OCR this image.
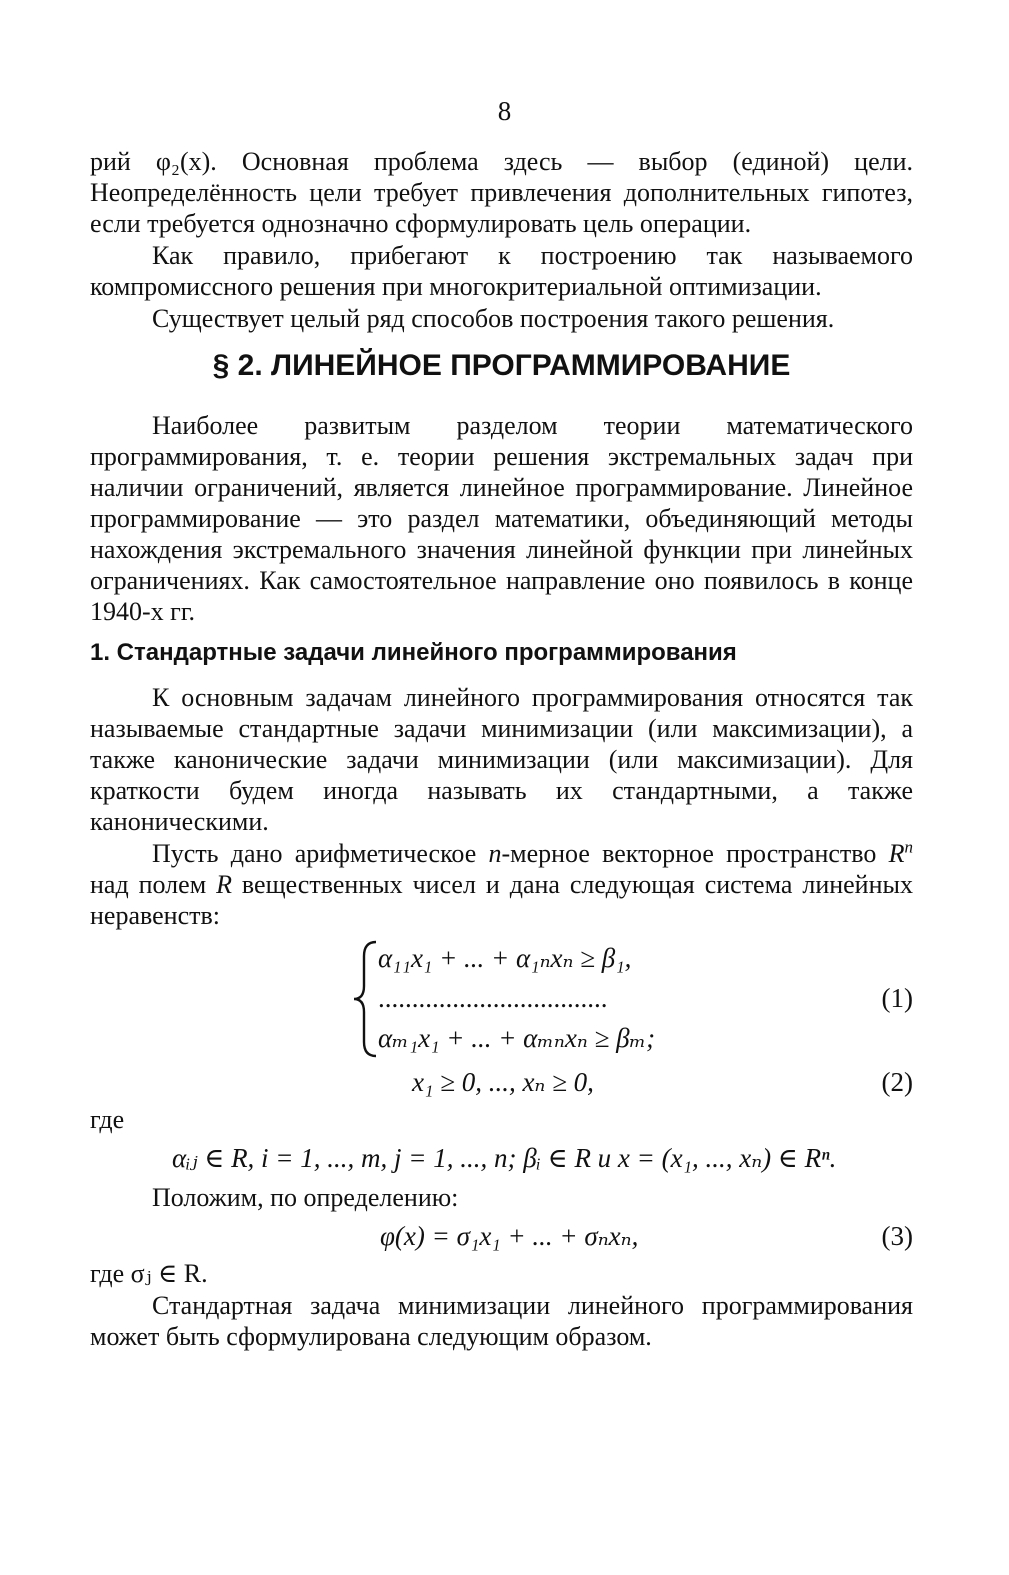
8
рий φ₂(x). Основная проблема здесь — выбор (единой) цели. Неопределённость цели требует привлечения дополнительных гипотез, если требуется однозначно сформулировать цель операции.
Как правило, прибегают к построению так называемого компромиссного решения при многокритериальной оптимизации.
Существует целый ряд способов построения такого решения.
§ 2. ЛИНЕЙНОЕ ПРОГРАММИРОВАНИЕ
Наиболее развитым разделом теории математического программирования, т. е. теории решения экстремальных задач при наличии ограничений, является линейное программирование. Линейное программирование — это раздел математики, объединяющий методы нахождения экстремального значения линейной функции при линейных ограничениях. Как самостоятельное направление оно появилось в конце 1940-х гг.
1. Стандартные задачи линейного программирования
К основным задачам линейного программирования относятся так называемые стандартные задачи минимизации (или максимизации), а также канонические задачи минимизации (или максимизации). Для краткости будем иногда называть их стандартными, а также каноническими.
Пусть дано арифметическое n-мерное векторное пространство $R^n$ над полем R вещественных чисел и дана следующая система линейных неравенств:
α₁₁x₁ + ... + α₁ₙxₙ ≥ β₁,
..................................
αₘ₁x₁ + ... + αₘₙxₙ ≥ βₘ;
(1)
x₁ ≥ 0, ..., xₙ ≥ 0,	(2)
где
αᵢⱼ ∈ R, i = 1, ..., m, j = 1, ..., n; βᵢ ∈ R и x = (x₁, ..., xₙ) ∈ Rⁿ.
Положим, по определению:
φ(x) = σ₁x₁ + ... + σₙxₙ,	(3)
где σⱼ ∈ R.
Стандартная задача минимизации линейного программирования может быть сформулирована следующим образом.
